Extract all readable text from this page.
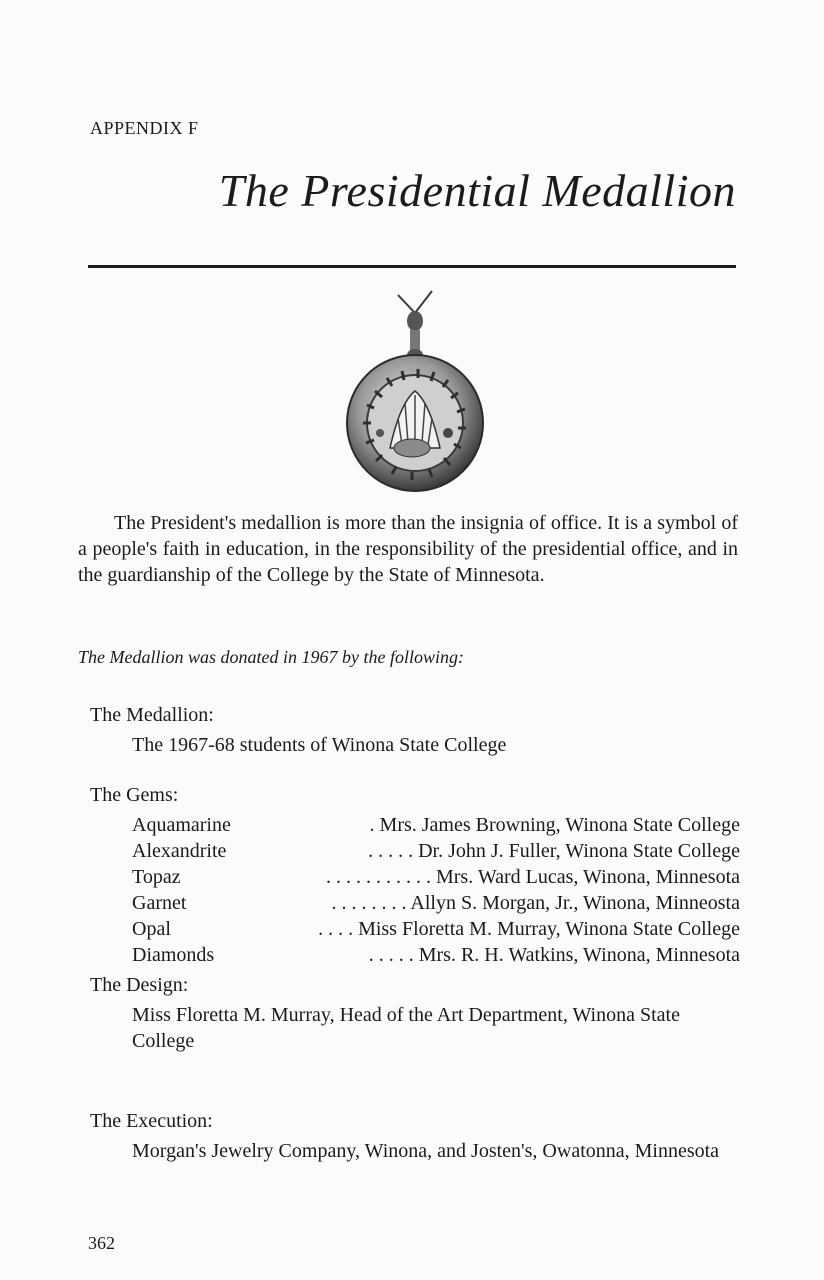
APPENDIX F
The Presidential Medallion
The President's medallion is more than the insignia of office. It is a symbol of a people's faith in education, in the responsibility of the presidential office, and in the guardianship of the College by the State of Minnesota.
The Medallion was donated in 1967 by the following:
The Medallion:
The 1967-68 students of Winona State College
The Gems:
Aquamarine	. Mrs. James Browning, Winona State College
Alexandrite	. . . . . Dr. John J. Fuller, Winona State College
Topaz	. . . . . . . . . . . Mrs. Ward Lucas, Winona, Minnesota
Garnet	. . . . . . . . Allyn S. Morgan, Jr., Winona, Minneosta
Opal	. . . . Miss Floretta M. Murray, Winona State College
Diamonds	. . . . . Mrs. R. H. Watkins, Winona, Minnesota
The Design:
Miss Floretta M. Murray, Head of the Art Department, Winona State College
The Execution:
Morgan's Jewelry Company, Winona, and Josten's, Owatonna, Minnesota
362
